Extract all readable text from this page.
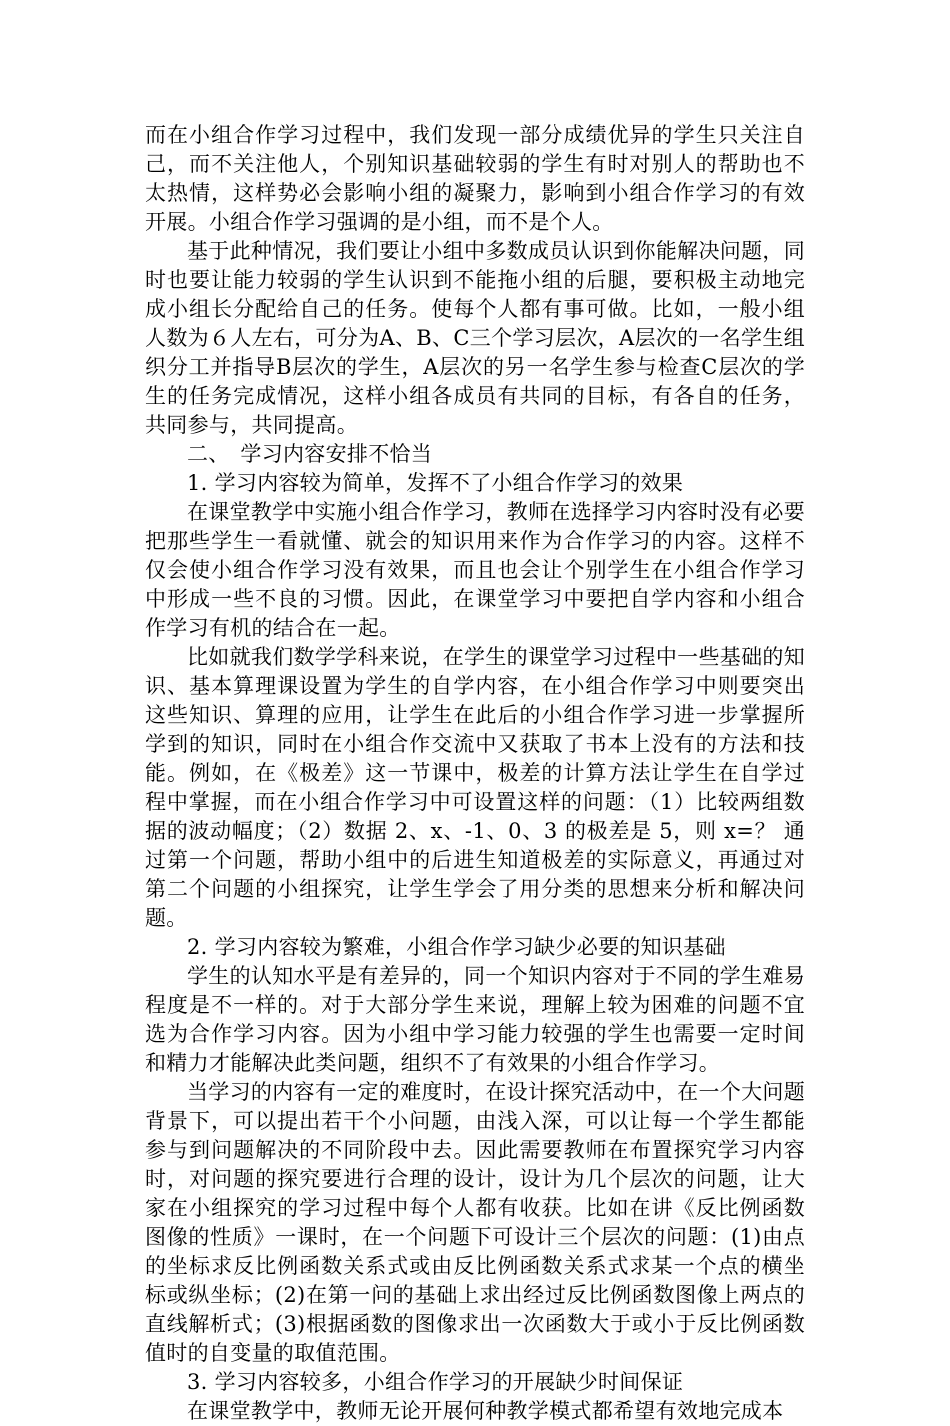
而在小组合作学习过程中，我们发现一部分成绩优异的学生只关注自己，而不关注他人，个别知识基础较弱的学生有时对别人的帮助也不太热情，这样势必会影响小组的凝聚力，影响到小组合作学习的有效开展。小组合作学习强调的是小组，而不是个人。

基于此种情况，我们要让小组中多数成员认识到你能解决问题，同时也要让能力较弱的学生认识到不能拖小组的后腿，要积极主动地完成小组长分配给自己的任务。使每个人都有事可做。比如，一般小组人数为６人左右，可分为A、B、C三个学习层次，A层次的一名学生组织分工并指导B层次的学生，A层次的另一名学生参与检查C层次的学生的任务完成情况，这样小组各成员有共同的目标，有各自的任务，共同参与，共同提高。

二、　学习内容安排不恰当

1. 学习内容较为简单，发挥不了小组合作学习的效果

在课堂教学中实施小组合作学习，教师在选择学习内容时没有必要把那些学生一看就懂、就会的知识用来作为合作学习的内容。这样不仅会使小组合作学习没有效果，而且也会让个别学生在小组合作学习中形成一些不良的习惯。因此，在课堂学习中要把自学内容和小组合作学习有机的结合在一起。

比如就我们数学学科来说，在学生的课堂学习过程中一些基础的知识、基本算理课设置为学生的自学内容，在小组合作学习中则要突出这些知识、算理的应用，让学生在此后的小组合作学习进一步掌握所学到的知识，同时在小组合作交流中又获取了书本上没有的方法和技能。例如，在《极差》这一节课中，极差的计算方法让学生在自学过程中掌握，而在小组合作学习中可设置这样的问题：（1）比较两组数据的波动幅度；（2）数据 2、x、-1、0、3 的极差是 5，则 x=？ 通过第一个问题，帮助小组中的后进生知道极差的实际意义，再通过对第二个问题的小组探究，让学生学会了用分类的思想来分析和解决问题。

2. 学习内容较为繁难，小组合作学习缺少必要的知识基础

学生的认知水平是有差异的，同一个知识内容对于不同的学生难易程度是不一样的。对于大部分学生来说，理解上较为困难的问题不宜选为合作学习内容。因为小组中学习能力较强的学生也需要一定时间和精力才能解决此类问题，组织不了有效果的小组合作学习。

当学习的内容有一定的难度时，在设计探究活动中，在一个大问题背景下，可以提出若干个小问题，由浅入深，可以让每一个学生都能参与到问题解决的不同阶段中去。因此需要教师在布置探究学习内容时，对问题的探究要进行合理的设计，设计为几个层次的问题，让大家在小组探究的学习过程中每个人都有收获。比如在讲《反比例函数图像的性质》一课时，在一个问题下可设计三个层次的问题：(1)由点的坐标求反比例函数关系式或由反比例函数关系式求某一个点的横坐标或纵坐标；(2)在第一问的基础上求出经过反比例函数图像上两点的直线解析式；(3)根据函数的图像求出一次函数大于或小于反比例函数值时的自变量的取值范围。

3. 学习内容较多，小组合作学习的开展缺少时间保证

在课堂教学中，教师无论开展何种教学模式都希望有效地完成本
